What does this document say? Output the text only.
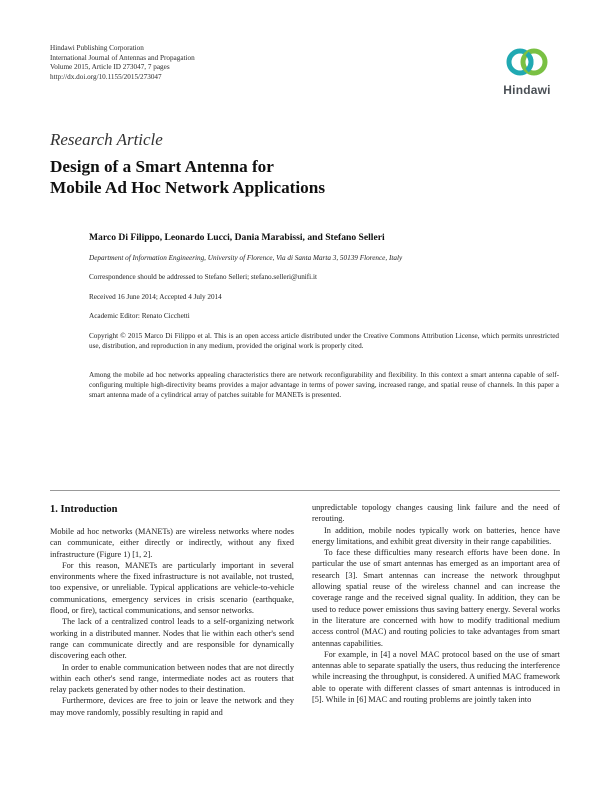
Hindawi Publishing Corporation
International Journal of Antennas and Propagation
Volume 2015, Article ID 273047, 7 pages
http://dx.doi.org/10.1155/2015/273047
Hindawi
Research Article
Design of a Smart Antenna for
Mobile Ad Hoc Network Applications
Marco Di Filippo, Leonardo Lucci, Dania Marabissi, and Stefano Selleri
Department of Information Engineering, University of Florence, Via di Santa Marta 3, 50139 Florence, Italy
Correspondence should be addressed to Stefano Selleri; stefano.selleri@unifi.it
Received 16 June 2014; Accepted 4 July 2014
Academic Editor: Renato Cicchetti
Copyright © 2015 Marco Di Filippo et al. This is an open access article distributed under the Creative Commons Attribution License, which permits unrestricted use, distribution, and reproduction in any medium, provided the original work is properly cited.
Among the mobile ad hoc networks appealing characteristics there are network reconfigurability and flexibility. In this context a smart antenna capable of self-configuring multiple high-directivity beams provides a major advantage in terms of power saving, increased range, and spatial reuse of channels. In this paper a smart antenna made of a cylindrical array of patches suitable for MANETs is presented.
1. Introduction

Mobile ad hoc networks (MANETs) are wireless networks where nodes can communicate, either directly or indirectly, without any fixed infrastructure (Figure 1) [1, 2].

For this reason, MANETs are particularly important in several environments where the fixed infrastructure is not available, not trusted, too expensive, or unreliable. Typical applications are vehicle-to-vehicle communications, emergency services in crisis scenario (earthquake, flood, or fire), tactical communications, and sensor networks.

The lack of a centralized control leads to a self-organizing network working in a distributed manner. Nodes that lie within each other's send range can communicate directly and are responsible for dynamically discovering each other.

In order to enable communication between nodes that are not directly within each other's send range, intermediate nodes act as routers that relay packets generated by other nodes to their destination.

Furthermore, devices are free to join or leave the network and they may move randomly, possibly resulting in rapid and

unpredictable topology changes causing link failure and the need of rerouting.

In addition, mobile nodes typically work on batteries, hence have energy limitations, and exhibit great diversity in their range capabilities.

To face these difficulties many research efforts have been done. In particular the use of smart antennas has emerged as an important area of research [3]. Smart antennas can increase the network throughput allowing spatial reuse of the wireless channel and can increase the coverage range and the received signal quality. In addition, they can be used to reduce power emissions thus saving battery energy. Several works in the literature are concerned with how to modify traditional medium access control (MAC) and routing policies to take advantages from smart antennas capabilities.

For example, in [4] a novel MAC protocol based on the use of smart antennas able to separate spatially the users, thus reducing the interference while increasing the throughput, is considered. A unified MAC framework able to operate with different classes of smart antennas is introduced in [5]. While in [6] MAC and routing problems are jointly taken into
